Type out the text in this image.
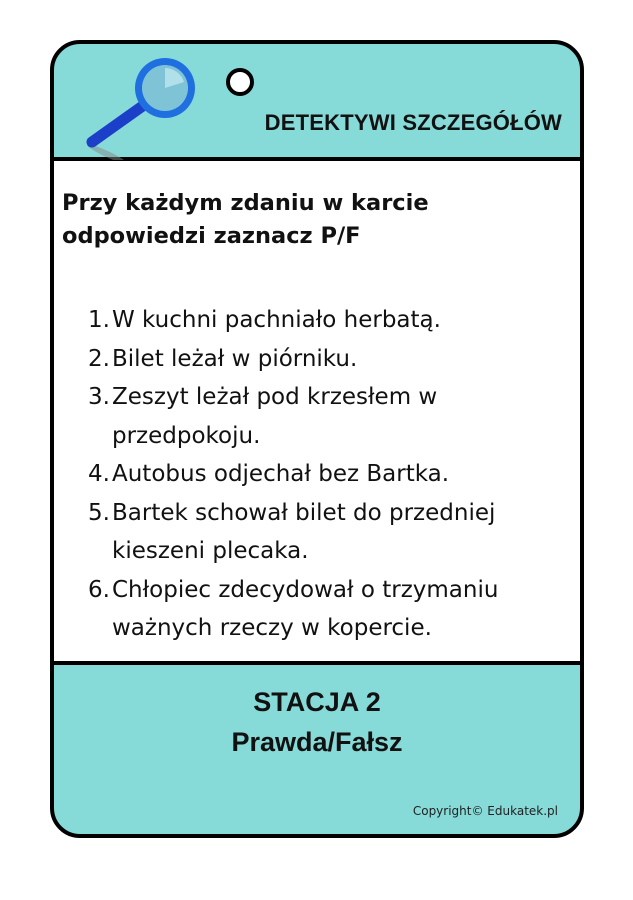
DETEKTYWI SZCZEGÓŁÓW
Przy każdym zdaniu w karcie odpowiedzi zaznacz P/F
1. W kuchni pachniało herbatą.
2. Bilet leżał w piórniku.
3. Zeszyt leżał pod krzesłem w przedpokoju.
4. Autobus odjechał bez Bartka.
5. Bartek schował bilet do przedniej kieszeni plecaka.
6. Chłopiec zdecydował o trzymaniu ważnych rzeczy w kopercie.
STACJA 2
Prawda/Fałsz
Copyright© Edukatek.pl
